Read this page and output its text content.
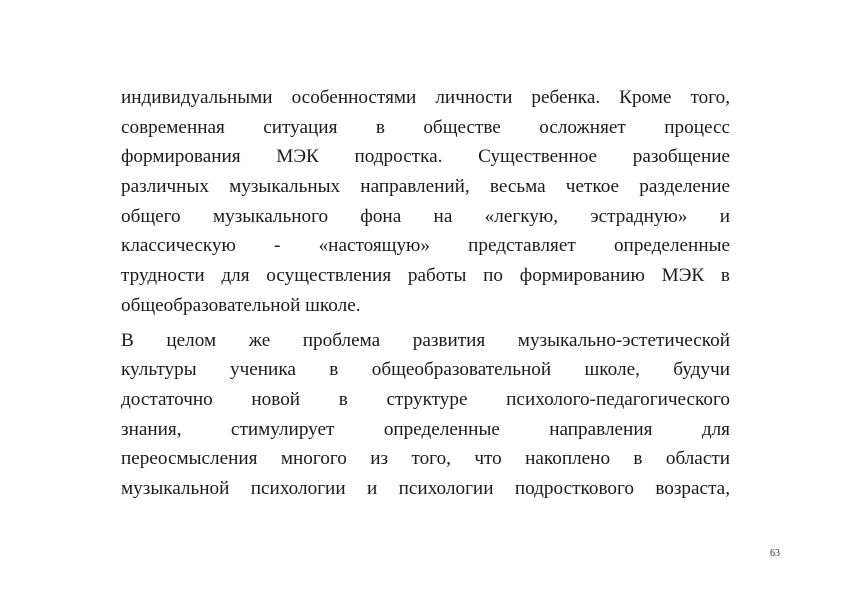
индивидуальными особенностями личности ребенка. Кроме того,
современная ситуация в обществе осложняет процесс
формирования МЭК подростка. Существенное разобщение
различных музыкальных направлений, весьма четкое разделение
общего музыкального фона на «легкую, эстрадную» и
классическую - «настоящую» представляет определенные
трудности для осуществления работы по формированию МЭК в
общеобразовательной школе.
В целом же проблема развития музыкально-эстетической
культуры ученика в общеобразовательной школе, будучи
достаточно новой в структуре психолого-педагогического
знания, стимулирует определенные направления для
переосмысления многого из того, что накоплено в области
музыкальной психологии и психологии подросткового возраста,
63
